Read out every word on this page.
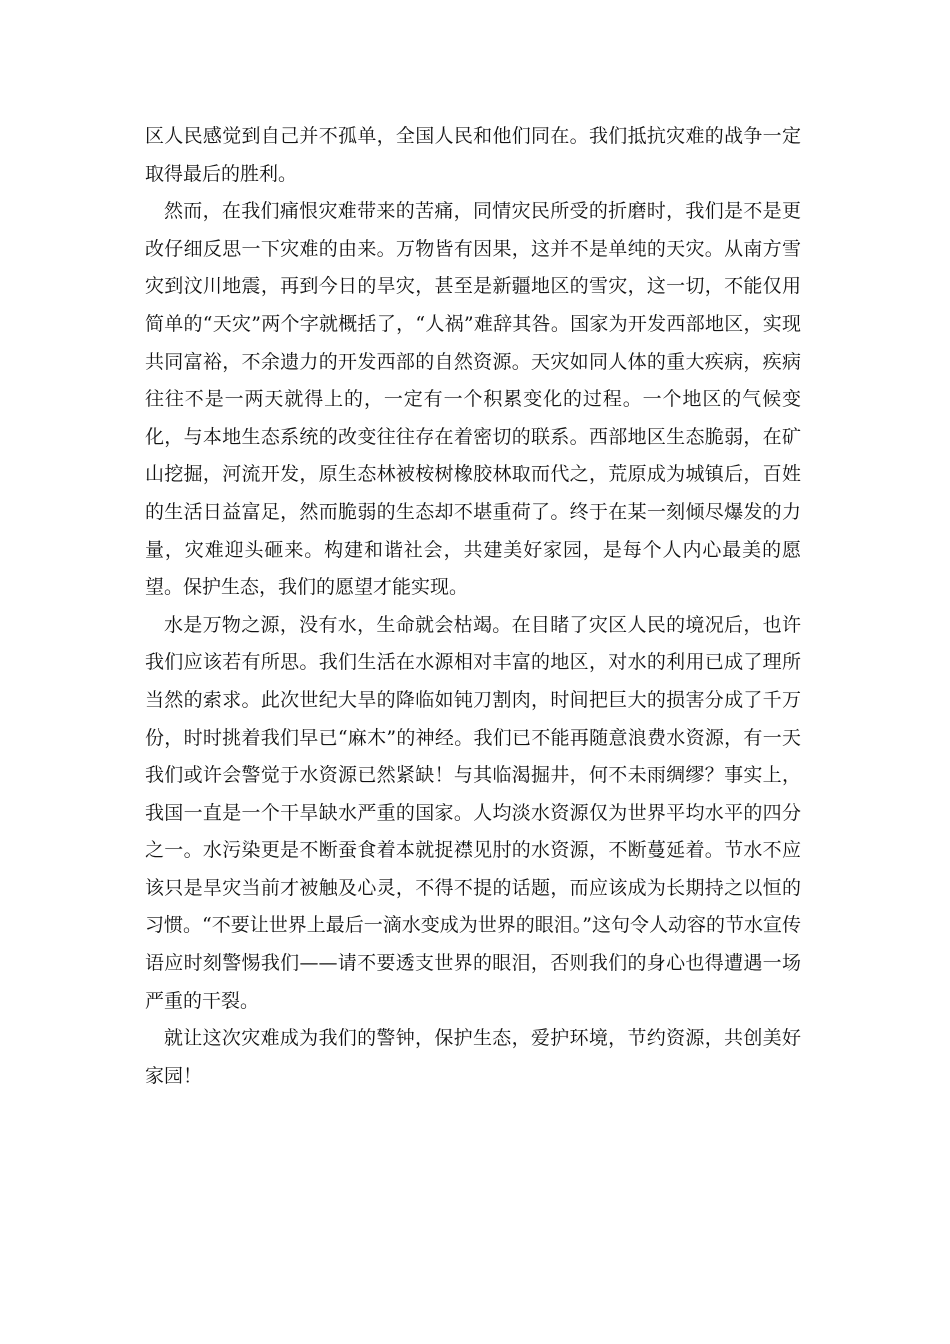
区人民感觉到自己并不孤单，全国人民和他们同在。我们抵抗灾难的战争一定取得最后的胜利。

然而，在我们痛恨灾难带来的苦痛，同情灾民所受的折磨时，我们是不是更改仔细反思一下灾难的由来。万物皆有因果，这并不是单纯的天灾。从南方雪灾到汶川地震，再到今日的旱灾，甚至是新疆地区的雪灾，这一切，不能仅用简单的“天灾”两个字就概括了，“人祸”难辞其咎。国家为开发西部地区，实现共同富裕，不余遗力的开发西部的自然资源。天灾如同人体的重大疾病，疾病往往不是一两天就得上的，一定有一个积累变化的过程。一个地区的气候变化，与本地生态系统的改变往往存在着密切的联系。西部地区生态脆弱，在矿山挖掘，河流开发，原生态林被桉树橡胶林取而代之，荒原成为城镇后，百姓的生活日益富足，然而脆弱的生态却不堪重荷了。终于在某一刻倾尽爆发的力量，灾难迎头砸来。构建和谐社会，共建美好家园，是每个人内心最美的愿望。保护生态，我们的愿望才能实现。

水是万物之源，没有水，生命就会枯竭。在目睹了灾区人民的境况后，也许我们应该若有所思。我们生活在水源相对丰富的地区，对水的利用已成了理所当然的索求。此次世纪大旱的降临如钝刀割肉，时间把巨大的损害分成了千万份，时时挑着我们早已“麻木”的神经。我们已不能再随意浪费水资源，有一天我们或许会警觉于水资源已然紧缺！与其临渴掘井，何不未雨绸缪？事实上，我国一直是一个干旱缺水严重的国家。人均淡水资源仅为世界平均水平的四分之一。水污染更是不断蚕食着本就捉襟见肘的水资源，不断蔓延着。节水不应该只是旱灾当前才被触及心灵，不得不提的话题，而应该成为长期持之以恒的习惯。“不要让世界上最后一滴水变成为世界的眼泪。”这句令人动容的节水宣传语应时刻警惕我们——请不要透支世界的眼泪，否则我们的身心也得遭遇一场严重的干裂。

就让这次灾难成为我们的警钟，保护生态，爱护环境，节约资源，共创美好家园！
